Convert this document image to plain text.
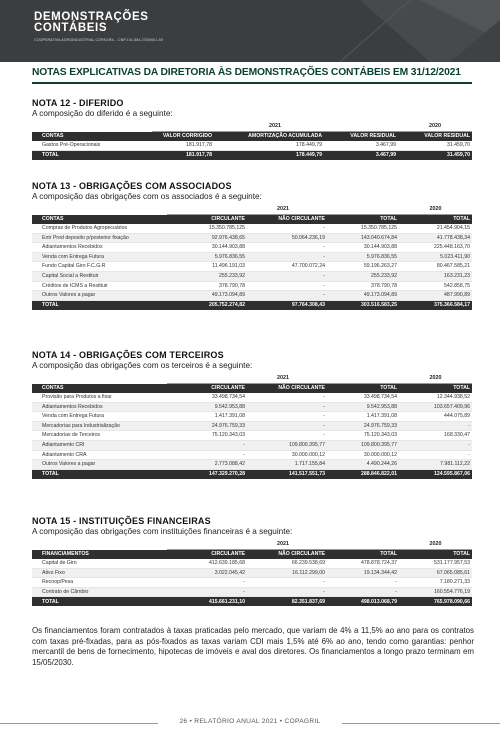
DEMONSTRAÇÕES
CONTÁBEIS
COOPERATIVA AGROINDUSTRIAL COPAGRIL - CNPJ 81.584.278/0001-55
NOTAS EXPLICATIVAS DA DIRETORIA ÀS DEMONSTRAÇÕES CONTÁBEIS EM 31/12/2021
NOTA 12 - DIFERIDO
A composição do diferido é a seguinte:
	2021			2020
CONTAS	VALOR CORRIGIDO	AMORTIZAÇÃO ACUMULADA	VALOR RESIDUAL	VALOR RESIDUAL
Gastos Pré-Operacionais	181.917,78	178.449,79	3.467,99	31.459,70
TOTAL	181.917,78	178.449,79	3.467,99	31.459,70
NOTA 13 - OBRIGAÇÕES COM ASSOCIADOS
A composição das obrigações com os associados é a seguinte:
	2021			2020
CONTAS	CIRCULANTE	NÃO CIRCULANTE	TOTAL	TOTAL
Compras de Produtos Agropecuários	15.350.785,125	-	15.350.785,125	21.454.904,15
Entr Prod deposito p/posterior fixação	92.976.438,65	50.064.236,19	143.040.674,84	41.778.438,34
Adiantamentos Recebidos	30.144.903,88	-	30.144.903,88	225.448.163,70
Venda com Entrega Futura	5.976.836,55	-	5.976.836,55	5.023.411,90
Fundo Capital Giro F.C.G.R	11.496.191,03	47.700.072,24	59.196.263,27	80.467.585,21
Capital Social a Restituir	255.233,92	-	255.233,92	163.231,23
Créditos de ICMS a Restituir	378.790,78	-	378.790,78	542.858,75
Outros Valores a pagar	49.173.094,89	-	49.173.094,89	487.990,89
TOTAL	205.752.274,82	97.764.308,43	303.516.583,25	375.366.584,17
NOTA 14 - OBRIGAÇÕES COM TERCEIROS
A composição das obrigações com os terceiros é a seguinte:
	2021			2020
CONTAS	CIRCULANTE	NÃO CIRCULANTE	TOTAL	TOTAL
Provisão para Produtos a fixar	33.498.734,54	-	33.498.734,54	12.344.938,52
Adiantamentos Recebidos	9.542.953,88	-	9.542.953,88	103.657.409,96
Venda com Entrega Futura	1.417.391,08	-	1.417.391,08	444.075,89
Mercadorias para Industrialização	24.976.759,33	-	24.976.759,33	-
Mercadorias de Terceiros	75.120.343,03	-	75.120.343,03	168.330,47
Adiantamento CRI	-	109.800.395,77	109.800.395,77	-
Adiantamento CRA	-	30.000.000,12	30.000.000,12	-
Outros Valores a pagar	2.773.088,42	1.717.155,84	4.490.244,26	7.981.112,22
TOTAL	147.329.270,28	141.517.551,73	288.846.822,01	124.595.867,06
NOTA 15 - INSTITUIÇÕES FINANCEIRAS
A composição das obrigações com instituições financeiras é a seguinte:
	2021			2020
FINANCIAMENTOS	CIRCULANTE	NÃO CIRCULANTE	TOTAL	TOTAL
Capital de Giro	412.639.185,68	66.239.538,69	478.878.724,37	531.177.957,53
Ativo Fixo	3.022.045,42	16.112.299,00	19.134.344,42	67.065.085,61
Recoop/Pesa	-	-	-	7.180.271,33
Contrato de Câmbio	-	-	-	160.554.776,19
TOTAL	415.661.231,10	82.351.837,69	498.013.068,79	765.978.090,66
Os financiamentos foram contratados à taxas praticadas pelo mercado, que variam de 4% a 11,5% ao ano para os contratos com taxas pré-fixadas, para as pós-fixados as taxas variam CDI mais 1,5% até 6% ao ano, tendo como garantias: penhor mercantil de bens de fornecimento, hipotecas de imóveis e aval dos diretores. Os financiamentos a longo prazo terminam em 15/05/2030.
26 • RELATÓRIO ANUAL 2021 • COPAGRIL
